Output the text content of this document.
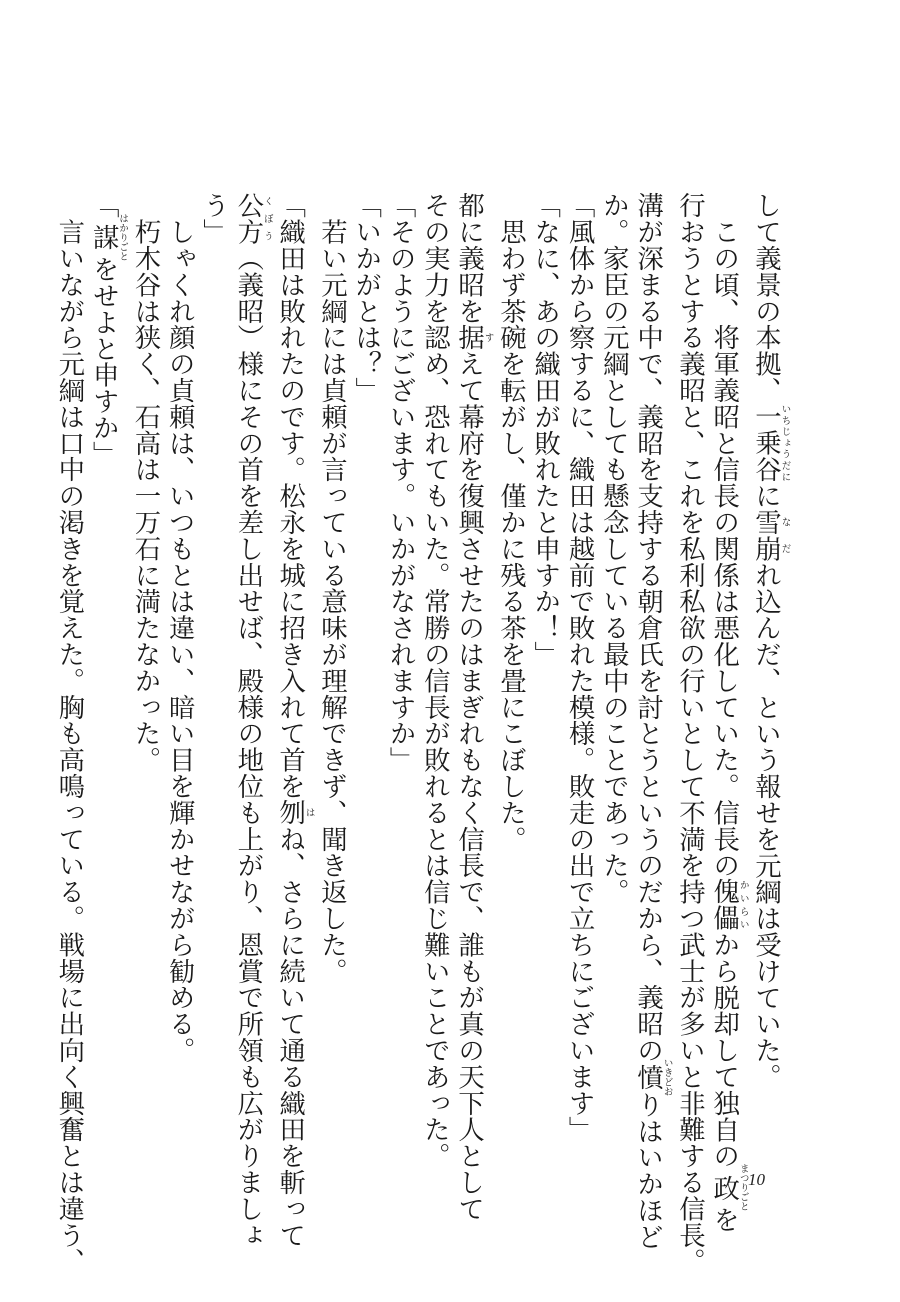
して義景の本拠、一乗谷いちじょうだにに雪崩なだれ込んだ、という報せを元綱は受けていた。
　この頃、将軍義昭と信長の関係は悪化していた。信長の傀儡かいらいから脱却して独自の政まつりごとを
行おうとする義昭と、これを私利私欲の行いとして不満を持つ武士が多いと非難する信長。
溝が深まる中で、義昭を支持する朝倉氏を討とうというのだから、義昭の憤いきどおりはいかほど
か。家臣の元綱としても懸念している最中のことであった。
「風体から察するに、織田は越前で敗れた模様。敗走の出で立ちにございます」
「なに、あの織田が敗れたと申すか！」
　思わず茶碗を転がし、僅かに残る茶を畳にこぼした。
都に義昭を据すえて幕府を復興させたのはまぎれもなく信長で、誰もが真の天下人として
その実力を認め、恐れてもいた。常勝の信長が敗れるとは信じ難いことであった。
「そのようにございます。いかがなされますか」
「いかがとは？」
　若い元綱には貞頼が言っている意味が理解できず、聞き返した。
「織田は敗れたのです。松永を城に招き入れて首を刎はね、さらに続いて通る織田を斬って
公方くぼう（義昭）様にその首を差し出せば、殿様の地位も上がり、恩賞で所領も広がりましょ
う」
　しゃくれ顔の貞頼は、いつもとは違い、暗い目を輝かせながら勧める。
　朽木谷は狭く、石高は一万石に満たなかった。
「謀はかりごとをせよと申すか」
　言いながら元綱は口中の渇きを覚えた。胸も高鳴っている。戦場に出向く興奮とは違う、	10
